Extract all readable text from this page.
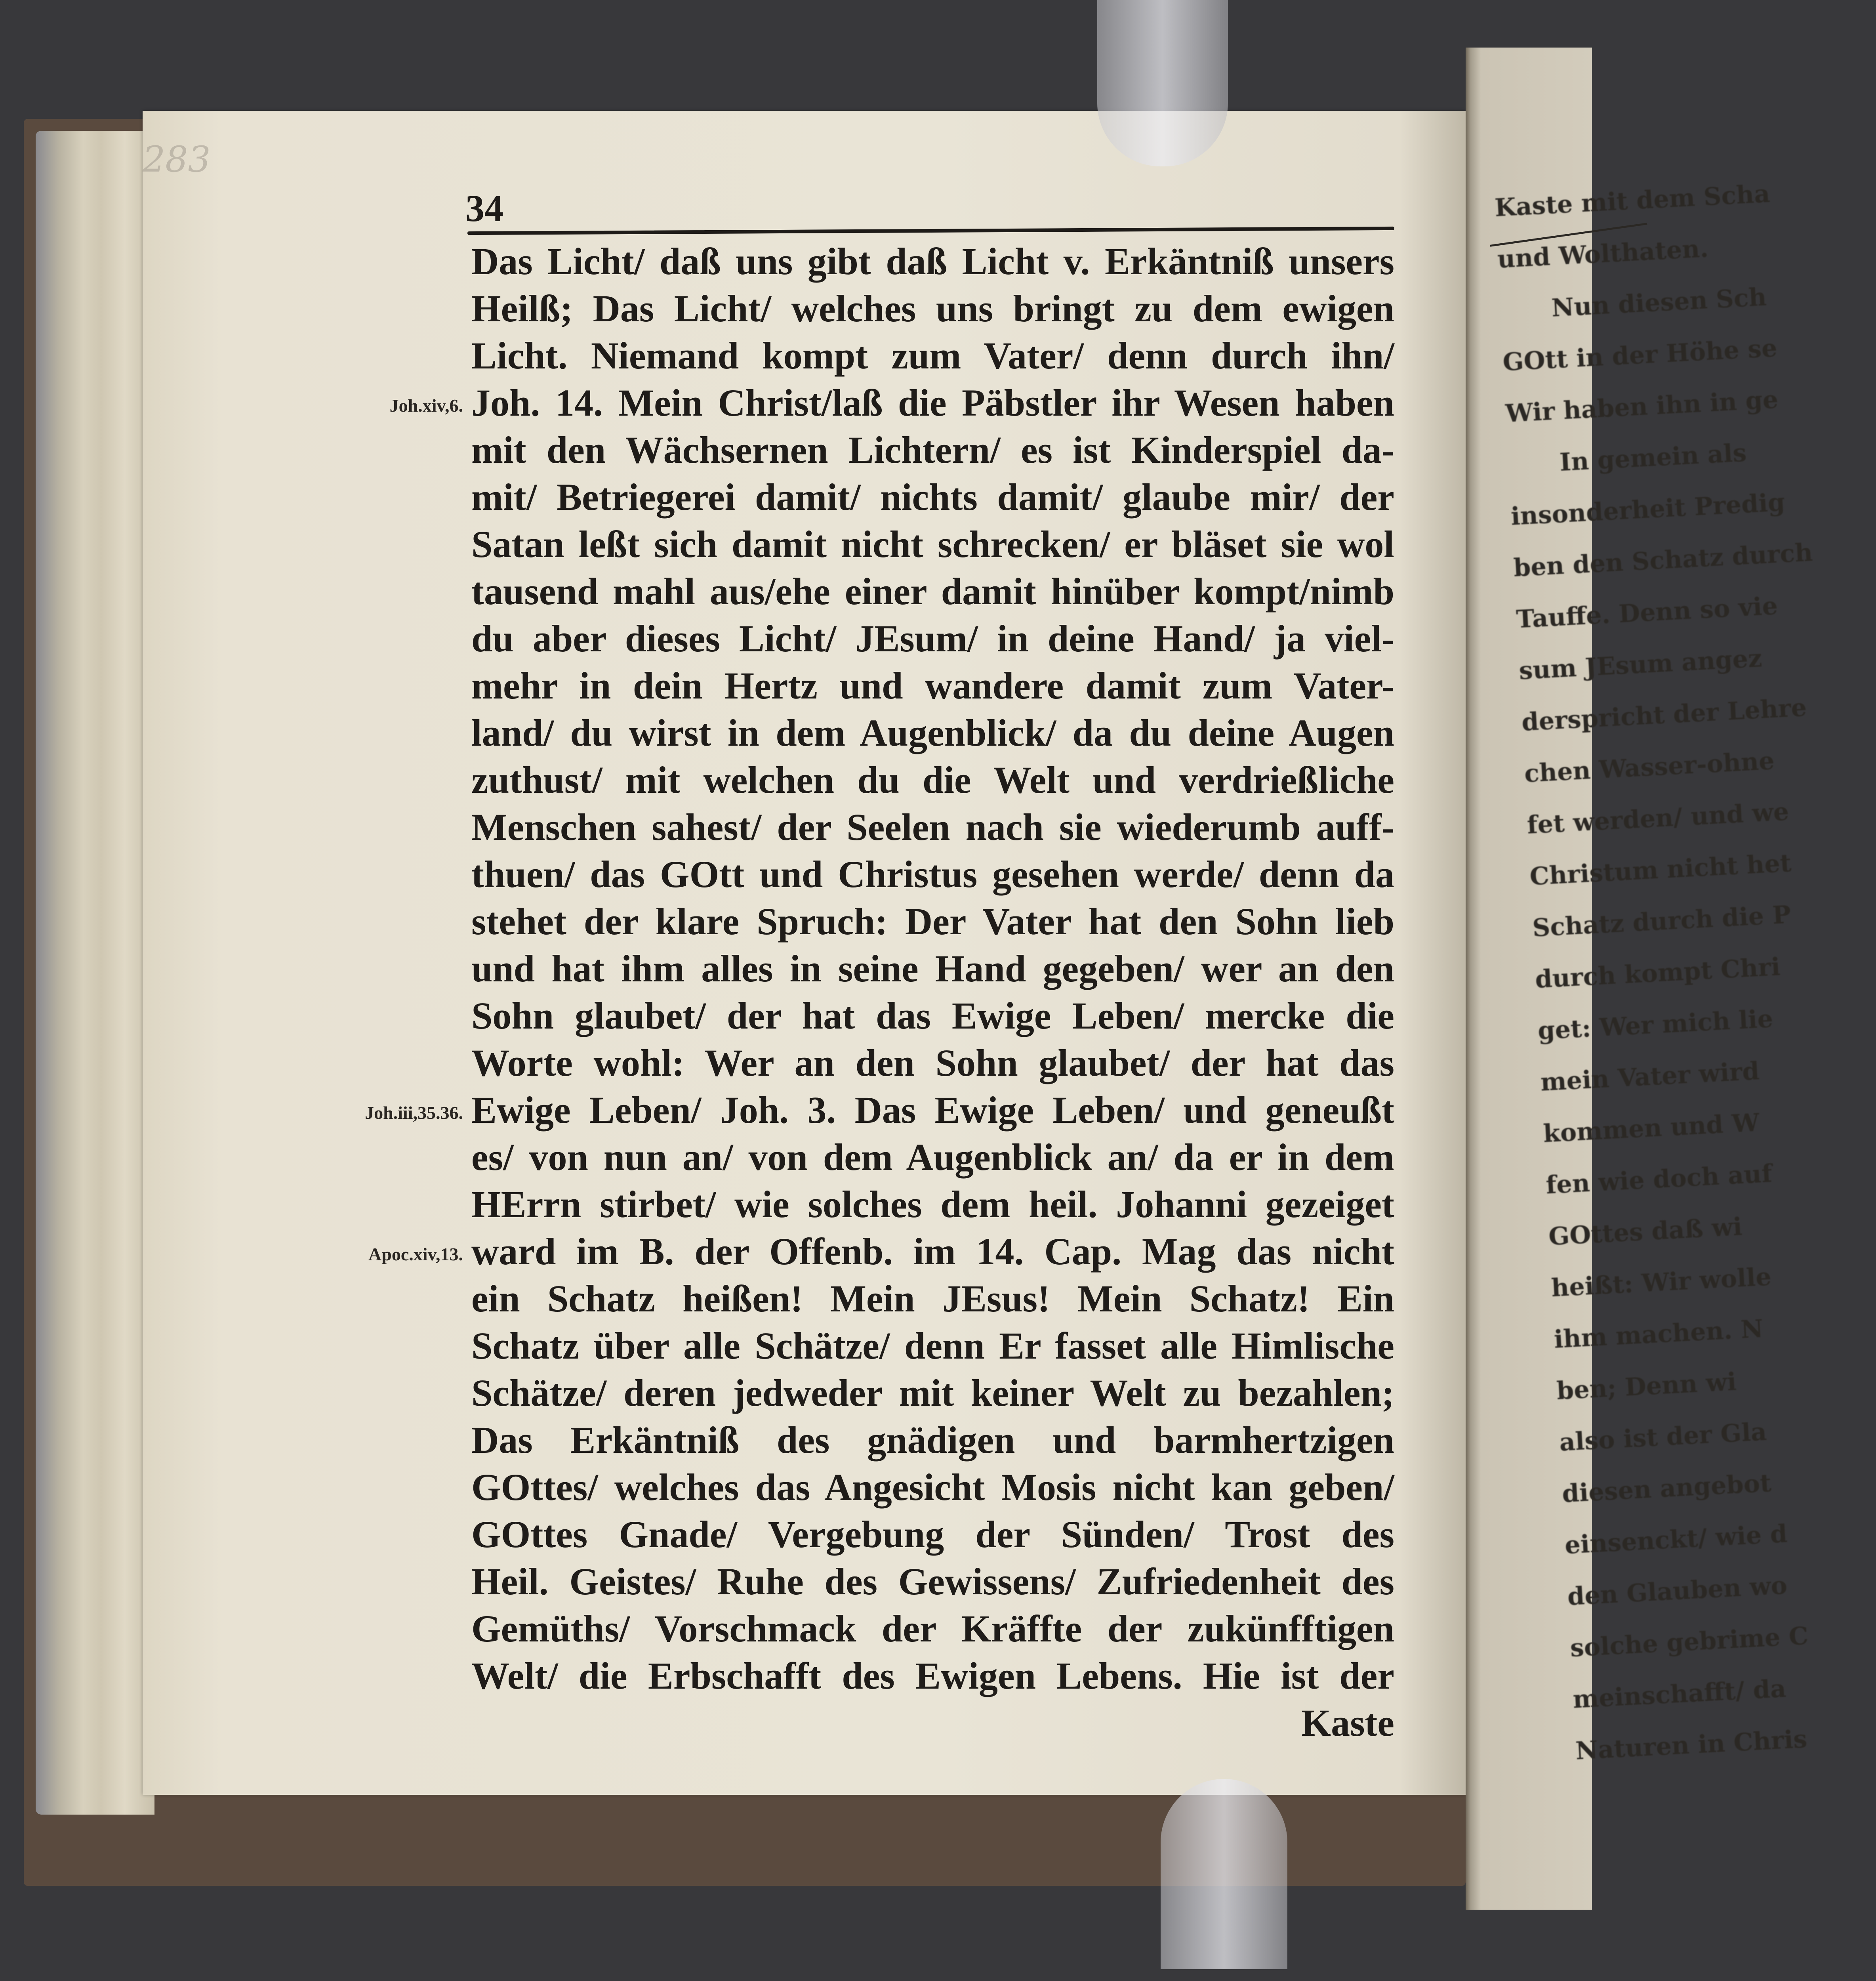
283
34
Joh.xiv,6.
Joh.iii,35.36.
Apoc.xiv,13.
Das Licht/ daß uns gibt daß Licht v. Erkäntniß unsers
Heilß; Das Licht/ welches uns bringt zu dem ewigen
Licht. Niemand kompt zum Vater/ denn durch ihn/
Joh. 14. Mein Christ/laß die Päbstler ihr Wesen haben
mit den Wächsernen Lichtern/ es ist Kinderspiel da-
mit/ Betriegerei damit/ nichts damit/ glaube mir/ der
Satan leßt sich damit nicht schrecken/ er bläset sie wol
tausend mahl aus/ehe einer damit hinüber kompt/nimb
du aber dieses Licht/ JEsum/ in deine Hand/ ja viel-
mehr in dein Hertz und wandere damit zum Vater-
land/ du wirst in dem Augenblick/ da du deine Augen
zuthust/ mit welchen du die Welt und verdrießliche
Menschen sahest/ der Seelen nach sie wiederumb auff-
thuen/ das GOtt und Christus gesehen werde/ denn da
stehet der klare Spruch: Der Vater hat den Sohn lieb
und hat ihm alles in seine Hand gegeben/ wer an den
Sohn glaubet/ der hat das Ewige Leben/ mercke die
Worte wohl: Wer an den Sohn glaubet/ der hat das
Ewige Leben/ Joh. 3. Das Ewige Leben/ und geneußt
es/ von nun an/ von dem Augenblick an/ da er in dem
HErrn stirbet/ wie solches dem heil. Johanni gezeiget
ward im B. der Offenb. im 14. Cap. Mag das nicht
ein Schatz heißen! Mein JEsus! Mein Schatz! Ein
Schatz über alle Schätze/ denn Er fasset alle Himlische
Schätze/ deren jedweder mit keiner Welt zu bezahlen;
Das Erkäntniß des gnädigen und barmhertzigen
GOttes/ welches das Angesicht Mosis nicht kan geben/
GOttes Gnade/ Vergebung der Sünden/ Trost des
Heil. Geistes/ Ruhe des Gewissens/ Zufriedenheit des
Gemüths/ Vorschmack der Kräffte der zukünfftigen
Welt/ die Erbschafft des Ewigen Lebens. Hie ist der
Kaste
Kaste mit dem Scha
und Wolthaten.
Nun diesen Sch
GOtt in der Höhe se
Wir haben ihn in ge
In gemein als
insonderheit Predig
ben den Schatz durch
Tauffe. Denn so vie
sum JEsum angez
derspricht der Lehre
chen Wasser-ohne
fet werden/ und we
Christum nicht het
Schatz durch die P
durch kompt Chri
get: Wer mich lie
mein Vater wird
kommen und W
fen wie doch auf
GOttes daß wi
heißt: Wir wolle
ihm machen. N
ben; Denn wi
also ist der Gla
diesen angebot
einsenckt/ wie d
den Glauben wo
solche gebrime C
meinschafft/ da
Naturen in Chris
